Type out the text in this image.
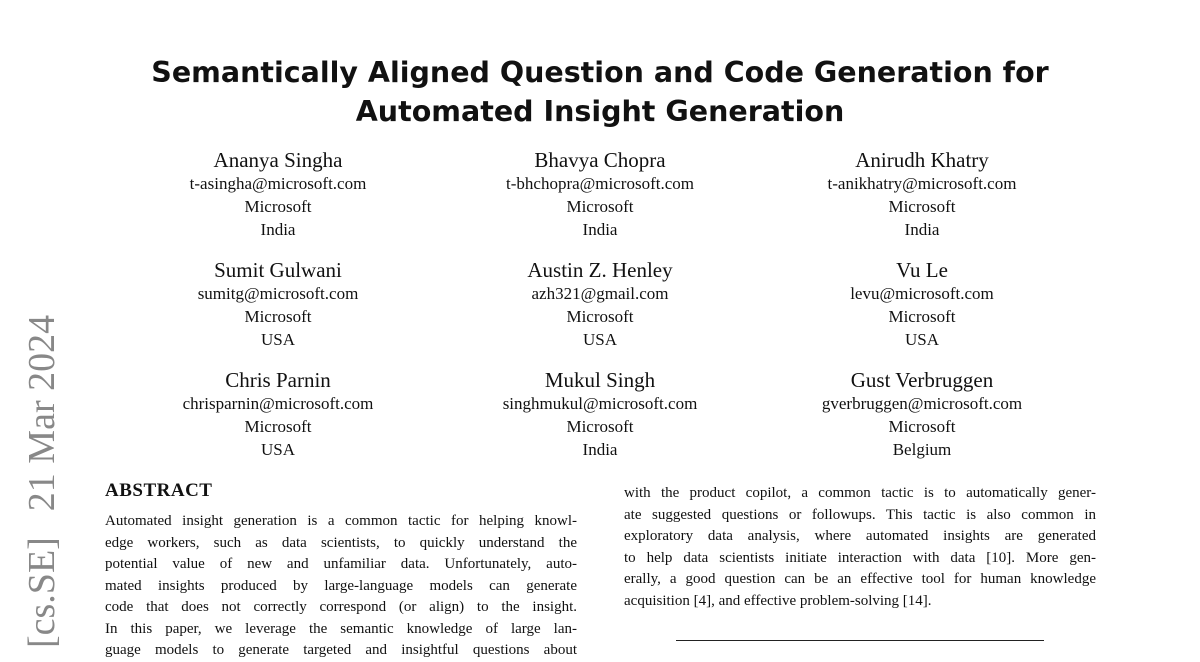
Semantically Aligned Question and Code Generation for
Automated Insight Generation
Ananya Singha
t-asingha@microsoft.com
Microsoft
India
Bhavya Chopra
t-bhchopra@microsoft.com
Microsoft
India
Anirudh Khatry
t-anikhatry@microsoft.com
Microsoft
India
Sumit Gulwani
sumitg@microsoft.com
Microsoft
USA
Austin Z. Henley
azh321@gmail.com
Microsoft
USA
Vu Le
levu@microsoft.com
Microsoft
USA
Chris Parnin
chrisparnin@microsoft.com
Microsoft
USA
Mukul Singh
singhmukul@microsoft.com
Microsoft
India
Gust Verbruggen
gverbruggen@microsoft.com
Microsoft
Belgium
[cs.SE]21 Mar 2024 ABSTRACT
Automated insight generation is a common tactic for helping knowl-
edge workers, such as data scientists, to quickly understand the
potential value of new and unfamiliar data. Unfortunately, auto-
mated insights produced by large-language models can generate
code that does not correctly correspond (or align) to the insight.
In this paper, we leverage the semantic knowledge of large lan-
guage models to generate targeted and insightful questions about
with the product copilot, a common tactic is to automatically gener-
ate suggested questions or followups. This tactic is also common in
exploratory data analysis, where automated insights are generated
to help data scientists initiate interaction with data [10]. More gen-
erally, a good question can be an effective tool for human knowledge
acquisition [4], and effective problem-solving [14].
